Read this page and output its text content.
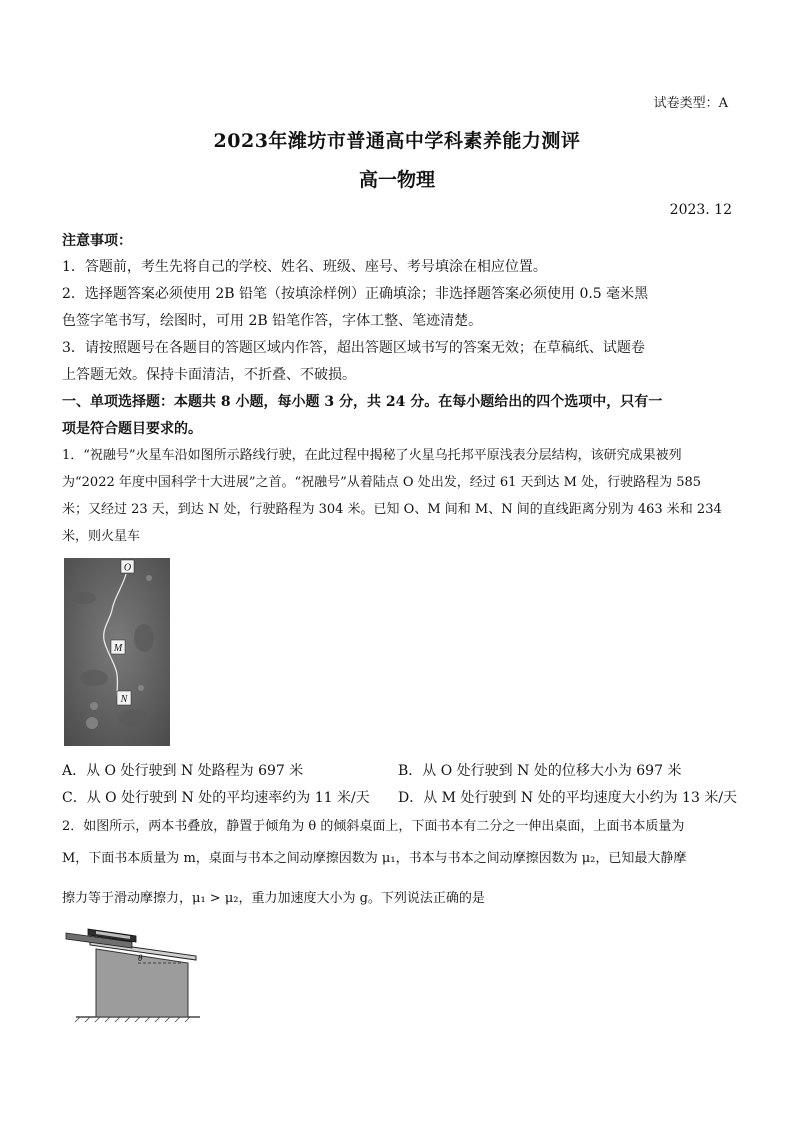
试卷类型：A
2023年潍坊市普通高中学科素养能力测评
高一物理
2023. 12
注意事项：
1．答题前，考生先将自己的学校、姓名、班级、座号、考号填涂在相应位置。
2．选择题答案必须使用 2B 铅笔（按填涂样例）正确填涂；非选择题答案必须使用 0.5 毫米黑
色签字笔书写，绘图时，可用 2B 铅笔作答，字体工整、笔迹清楚。
3．请按照题号在各题目的答题区域内作答，超出答题区域书写的答案无效；在草稿纸、试题卷
上答题无效。保持卡面清洁，不折叠、不破损。
一、单项选择题：本题共 8 小题，每小题 3 分，共 24 分。在每小题给出的四个选项中，只有一
项是符合题目要求的。
1．“祝融号”火星车沿如图所示路线行驶，在此过程中揭秘了火星乌托邦平原浅表分层结构，该研究成果被列
为“2022 年度中国科学十大进展”之首。“祝融号”从着陆点 O 处出发，经过 61 天到达 M 处，行驶路程为 585
米；又经过 23 天，到达 N 处，行驶路程为 304 米。已知 O、M 间和 M、N 间的直线距离分别为 463 米和 234
米，则火星车
O
M
N
A．从 O 处行驶到 N 处路程为 697 米	B．从 O 处行驶到 N 处的位移大小为 697 米
C．从 O 处行驶到 N 处的平均速率约为 11 米/天 D．从 M 处行驶到 N 处的平均速度大小约为 13 米/天
2．如图所示，两本书叠放，静置于倾角为 θ 的倾斜桌面上，下面书本有二分之一伸出桌面，上面书本质量为
M，下面书本质量为 m，桌面与书本之间动摩擦因数为 μ₁，书本与书本之间动摩擦因数为 μ₂，已知最大静摩
擦力等于滑动摩擦力，μ₁ > μ₂，重力加速度大小为 g。下列说法正确的是
θ
